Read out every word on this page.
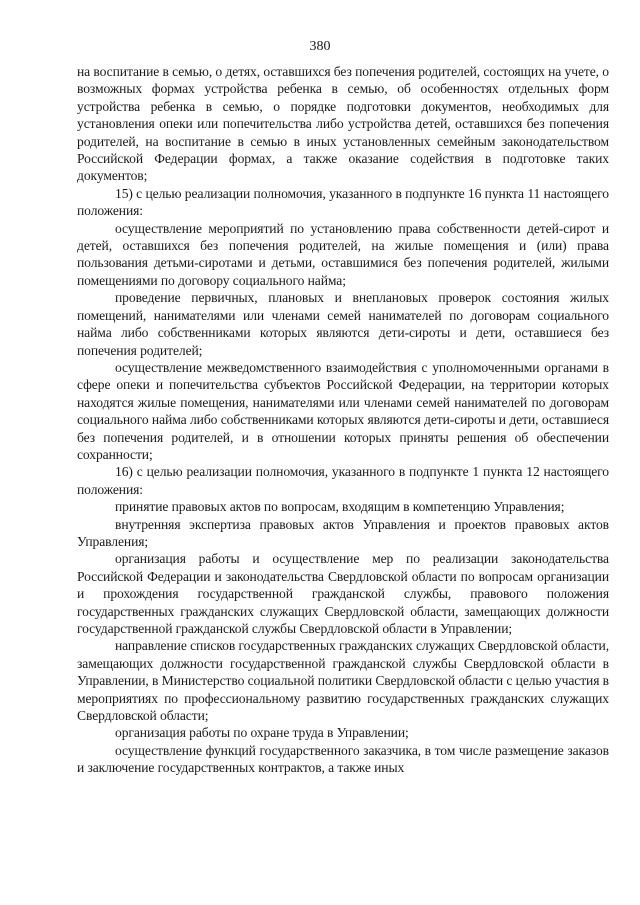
380

на воспитание в семью, о детях, оставшихся без попечения родителей, состоящих на учете, о возможных формах устройства ребенка в семью, об особенностях отдельных форм устройства ребенка в семью, о порядке подготовки документов, необходимых для установления опеки или попечительства либо устройства детей, оставшихся без попечения родителей, на воспитание в семью в иных установленных семейным законодательством Российской Федерации формах, а также оказание содействия в подготовке таких документов;

15) с целью реализации полномочия, указанного в подпункте 16 пункта 11 настоящего положения:

осуществление мероприятий по установлению права собственности детей-сирот и детей, оставшихся без попечения родителей, на жилые помещения и (или) права пользования детьми-сиротами и детьми, оставшимися без попечения родителей, жилыми помещениями по договору социального найма;

проведение первичных, плановых и внеплановых проверок состояния жилых помещений, нанимателями или членами семей нанимателей по договорам социального найма либо собственниками которых являются дети-сироты и дети, оставшиеся без попечения родителей;

осуществление межведомственного взаимодействия с уполномоченными органами в сфере опеки и попечительства субъектов Российской Федерации, на территории которых находятся жилые помещения, нанимателями или членами семей нанимателей по договорам социального найма либо собственниками которых являются дети-сироты и дети, оставшиеся без попечения родителей, и в отношении которых приняты решения об обеспечении сохранности;

16) с целью реализации полномочия, указанного в подпункте 1 пункта 12 настоящего положения:

принятие правовых актов по вопросам, входящим в компетенцию Управления;

внутренняя экспертиза правовых актов Управления и проектов правовых актов Управления;

организация работы и осуществление мер по реализации законодательства Российской Федерации и законодательства Свердловской области по вопросам организации и прохождения государственной гражданской службы, правового положения государственных гражданских служащих Свердловской области, замещающих должности государственной гражданской службы Свердловской области в Управлении;

направление списков государственных гражданских служащих Свердловской области, замещающих должности государственной гражданской службы Свердловской области в Управлении, в Министерство социальной политики Свердловской области с целью участия в мероприятиях по профессиональному развитию государственных гражданских служащих Свердловской области;

организация работы по охране труда в Управлении;

осуществление функций государственного заказчика, в том числе размещение заказов и заключение государственных контрактов, а также иных
